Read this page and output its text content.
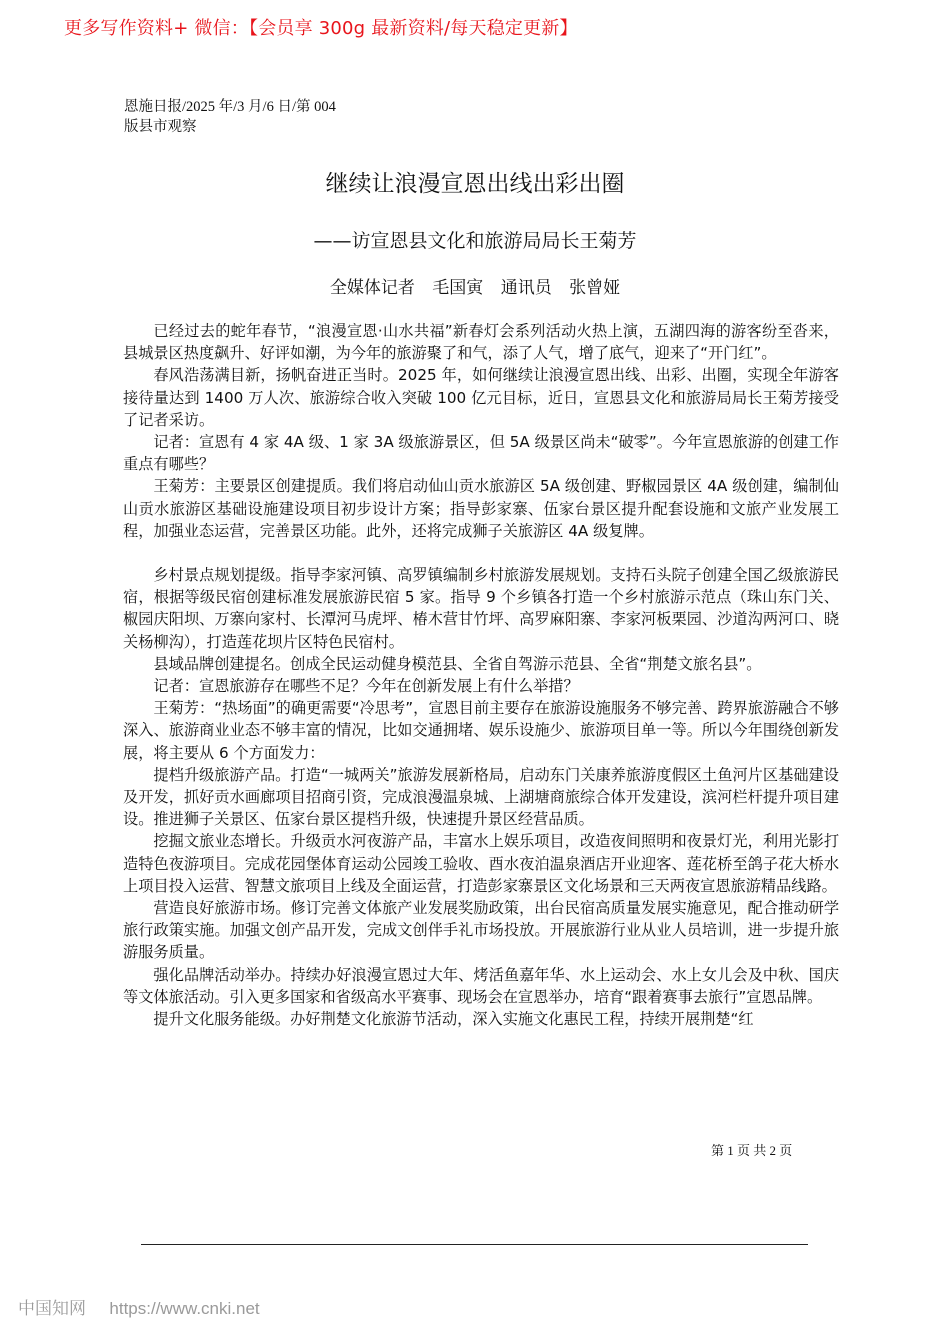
更多写作资料+ 微信：【会员享 300g 最新资料/每天稳定更新】
恩施日报/2025 年/3 月/6 日/第 004
版县市观察
继续让浪漫宣恩出线出彩出圈
——访宣恩县文化和旅游局局长王菊芳
全媒体记者 毛国寅 通讯员 张曾娅

已经过去的蛇年春节，“浪漫宣恩·山水共福”新春灯会系列活动火热上演，五湖四海的游客纷至沓来，县城景区热度飙升、好评如潮，为今年的旅游聚了和气，添了人气，增了底气，迎来了“开门红”。

春风浩荡满目新，扬帆奋进正当时。2025 年，如何继续让浪漫宣恩出线、出彩、出圈，实现全年游客接待量达到 1400 万人次、旅游综合收入突破 100 亿元目标，近日，宣恩县文化和旅游局局长王菊芳接受了记者采访。

记者：宣恩有 4 家 4A 级、1 家 3A 级旅游景区，但 5A 级景区尚未“破零”。今年宣恩旅游的创建工作重点有哪些？

王菊芳：主要景区创建提质。我们将启动仙山贡水旅游区 5A 级创建、野椒园景区 4A 级创建，编制仙山贡水旅游区基础设施建设项目初步设计方案；指导彭家寨、伍家台景区提升配套设施和文旅产业发展工程，加强业态运营，完善景区功能。此外，还将完成狮子关旅游区 4A 级复牌。

乡村景点规划提级。指导李家河镇、高罗镇编制乡村旅游发展规划。支持石头院子创建全国乙级旅游民宿，根据等级民宿创建标准发展旅游民宿 5 家。指导 9 个乡镇各打造一个乡村旅游示范点（珠山东门关、椒园庆阳坝、万寨向家村、长潭河马虎坪、椿木营甘竹坪、高罗麻阳寨、李家河板栗园、沙道沟两河口、晓关杨柳沟），打造莲花坝片区特色民宿村。

县域品牌创建提名。创成全民运动健身模范县、全省自驾游示范县、全省“荆楚文旅名县”。

记者：宣恩旅游存在哪些不足？今年在创新发展上有什么举措？

王菊芳：“热场面”的确更需要“冷思考”，宣恩目前主要存在旅游设施服务不够完善、跨界旅游融合不够深入、旅游商业业态不够丰富的情况，比如交通拥堵、娱乐设施少、旅游项目单一等。所以今年围绕创新发展，将主要从 6 个方面发力：

提档升级旅游产品。打造“一城两关”旅游发展新格局，启动东门关康养旅游度假区土鱼河片区基础建设及开发，抓好贡水画廊项目招商引资，完成浪漫温泉城、上湖塘商旅综合体开发建设，滨河栏杆提升项目建设。推进狮子关景区、伍家台景区提档升级，快速提升景区经营品质。

挖掘文旅业态增长。升级贡水河夜游产品，丰富水上娱乐项目，改造夜间照明和夜景灯光，利用光影打造特色夜游项目。完成花园堡体育运动公园竣工验收、酉水夜泊温泉酒店开业迎客、莲花桥至鸽子花大桥水上项目投入运营、智慧文旅项目上线及全面运营，打造彭家寨景区文化场景和三天两夜宣恩旅游精品线路。

营造良好旅游市场。修订完善文体旅产业发展奖励政策，出台民宿高质量发展实施意见，配合推动研学旅行政策实施。加强文创产品开发，完成文创伴手礼市场投放。开展旅游行业从业人员培训，进一步提升旅游服务质量。

强化品牌活动举办。持续办好浪漫宣恩过大年、烤活鱼嘉年华、水上运动会、水上女儿会及中秋、国庆等文体旅活动。引入更多国家和省级高水平赛事、现场会在宣恩举办，培育“跟着赛事去旅行”宣恩品牌。

提升文化服务能级。办好荆楚文化旅游节活动，深入实施文化惠民工程，持续开展荆楚“红

第 1 页 共 2 页
中国知网 https://www.cnki.net
